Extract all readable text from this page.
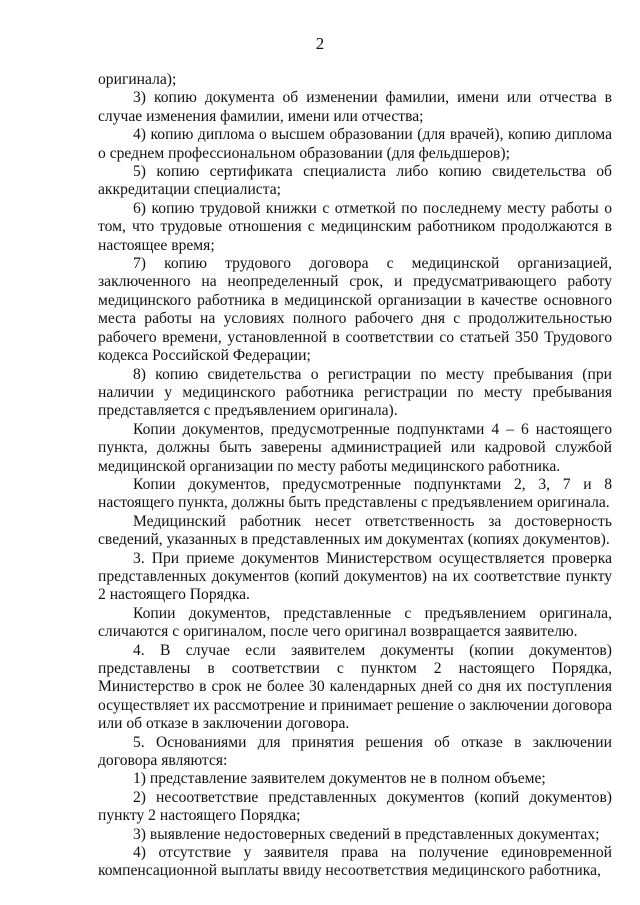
2

оригинала);

3) копию документа об изменении фамилии, имени или отчества в случае изменения фамилии, имени или отчества;

4) копию диплома о высшем образовании (для врачей), копию диплома о среднем профессиональном образовании (для фельдшеров);

5) копию сертификата специалиста либо копию свидетельства об аккредитации специалиста;

6) копию трудовой книжки с отметкой по последнему месту работы о том, что трудовые отношения с медицинским работником продолжаются в настоящее время;

7) копию трудового договора с медицинской организацией, заключенного на неопределенный срок, и предусматривающего работу медицинского работника в медицинской организации в качестве основного места работы на условиях полного рабочего дня с продолжительностью рабочего времени, установленной в соответствии со статьей 350 Трудового кодекса Российской Федерации;

8) копию свидетельства о регистрации по месту пребывания (при наличии у медицинского работника регистрации по месту пребывания представляется с предъявлением оригинала).

Копии документов, предусмотренные подпунктами 4 – 6 настоящего пункта, должны быть заверены администрацией или кадровой службой медицинской организации по месту работы медицинского работника.

Копии документов, предусмотренные подпунктами 2, 3, 7 и 8 настоящего пункта, должны быть представлены с предъявлением оригинала.

Медицинский работник несет ответственность за достоверность сведений, указанных в представленных им документах (копиях документов).

3. При приеме документов Министерством осуществляется проверка представленных документов (копий документов) на их соответствие пункту 2 настоящего Порядка.

Копии документов, представленные с предъявлением оригинала, сличаются с оригиналом, после чего оригинал возвращается заявителю.

4. В случае если заявителем документы (копии документов) представлены в соответствии с пунктом 2 настоящего Порядка, Министерство в срок не более 30 календарных дней со дня их поступления осуществляет их рассмотрение и принимает решение о заключении договора или об отказе в заключении договора.

5. Основаниями для принятия решения об отказе в заключении договора являются:

1) представление заявителем документов не в полном объеме;

2) несоответствие представленных документов (копий документов) пункту 2 настоящего Порядка;

3) выявление недостоверных сведений в представленных документах;

4) отсутствие у заявителя права на получение единовременной компенсационной выплаты ввиду несоответствия медицинского работника,
